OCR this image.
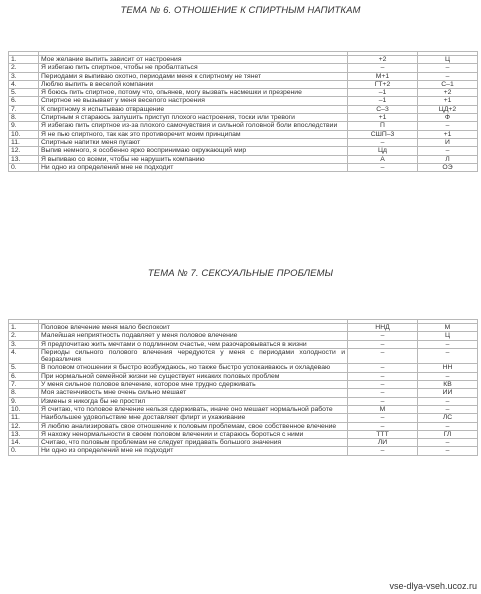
ТЕМА № 6. ОТНОШЕНИЕ К СПИРТНЫМ НАПИТКАМ

1.	Мое желание выпить зависит от настроения	+2	Ц
2.	Я избегаю пить спиртное, чтобы не пробалтаться	–	–
3.	Периодами я выпиваю охотно, периодами меня к спиртному не тянет	М+1	–
4.	Люблю выпить в веселой компании	ГТ+2	С–1
5.	Я боюсь пить спиртное, потому что, опьянев, могу вызвать насмешки и презрение	–1	+2
6.	Спиртное не вызывает у меня веселого настроения	–1	+1
7.	К спиртному я испытываю отвращение	С–3	ЦД+2
8.	Спиртным я стараюсь залушить приступ плохого настроения, тоски или тревоги	+1	Ф
9.	Я избегаю пить спиртное из-за плохого самочувствия и сильной головной боли впоследствии	П	–
10.	Я не пью спиртного, так как это противоречит моим принципам	СШП–3	+1
11.	Спиртные напитки меня пугают	–	И
12.	Выпив немного, я особенно ярко воспринимаю окружающий мир	Цд	–
13.	Я выпиваю со всеми, чтобы не нарушить компанию	А	Л
0.	Ни одно из определений мне не подходит	–	ОЭ
ТЕМА № 7. СЕКСУАЛЬНЫЕ ПРОБЛЕМЫ

1.	Половое влечение меня мало беспокоит	ННД	М
2.	Малейшая неприятность подавляет у меня половое влечение	–	Ц
3.	Я предпочитаю жить мечтами о подлинном счастье, чем разочаровываться в жизни	–	–
4.	Периоды сильного полового влечения чередуются у меня с периодами холодности и безразличия	–	–
5.	В половом отношении я быстро возбуждаюсь, но также быстро успокаиваюсь и охладеваю	–	НН
6.	При нормальной семейной жизни не существует никаких половых проблем	–	–
7.	У меня сильное половое влечение, которое мне трудно сдерживать	–	КВ
8.	Моя застенчивость мне очень сильно мешает	–	ИИ
9.	Измены я никогда бы не простил	–	–
10.	Я считаю, что половое влечение нельзя сдерживать, иначе оно мешает нормальной работе	М	–
11.	Наибольшее удовольствие мне доставляет флирт и ухаживание	–	ЛС
12.	Я люблю анализировать свое отношение к половым проблемам, свое собственное влечение	–	–
13.	Я нахожу ненормальности в своем половом влечении и стараюсь бороться с ними	ТТТ	ГЛ
14.	Считаю, что половым проблемам не следует придавать большого значения	ЛИ	–
0.	Ни одно из определений мне не подходит	–	–
vse-dlya-vseh.ucoz.ru
